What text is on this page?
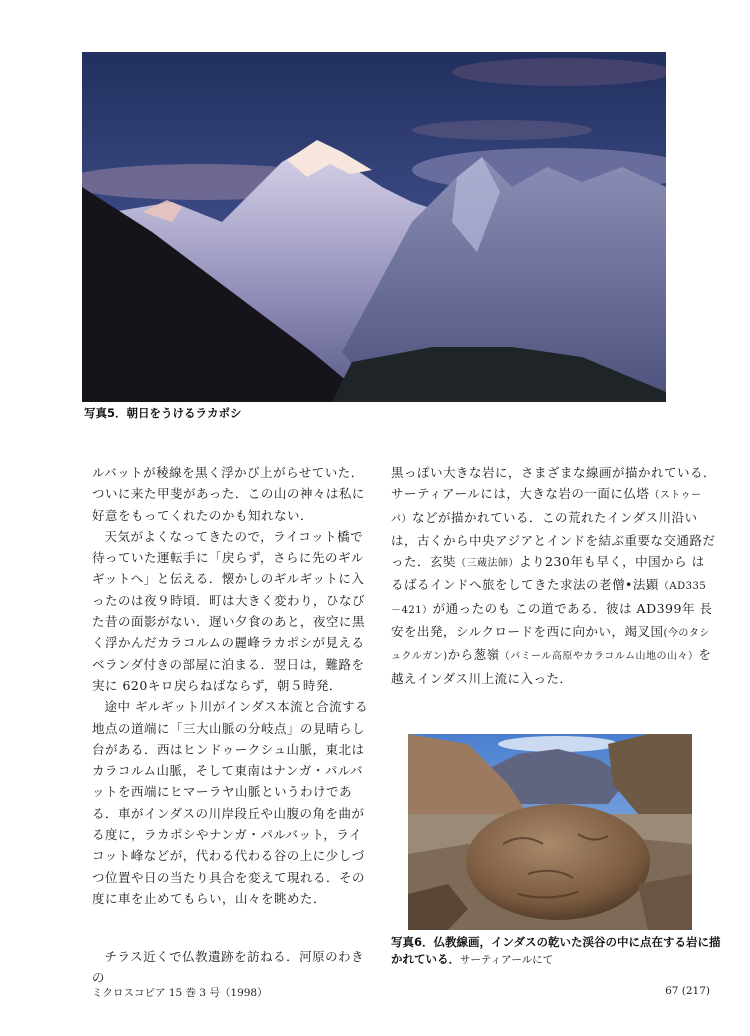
写真5．朝日をうけるラカポシ

ルバットが稜線を黒く浮かび上がらせていた．ついに来た甲斐があった．この山の神々は私に好意をもってくれたのかも知れない．

天気がよくなってきたので，ライコット橋で待っていた運転手に「戻らず，さらに先のギルギットへ」と伝える．懐かしのギルギットに入ったのは夜９時頃．町は大きく変わり，ひなびた昔の面影がない．遅い夕食のあと，夜空に黒く浮かんだカラコルムの麗峰ラカポシが見えるベランダ付きの部屋に泊まる．翌日は，難路を実に 620キロ戻らねばならず，朝５時発．

途中 ギルギット川がインダス本流と合流する地点の道端に「三大山脈の分岐点」の見晴らし台がある．西はヒンドゥークシュ山脈，東北はカラコルム山脈，そして東南はナンガ・パルバットを西端にヒマーラヤ山脈というわけである．車がインダスの川岸段丘や山腹の角を曲がる度に，ラカポシやナンガ・パルバット，ライコット峰などが，代わる代わる谷の上に少しづつ位置や日の当たり具合を変えて現れる．その度に車を止めてもらい，山々を眺めた．

チラス近くで仏教遺跡を訪ねる．河原のわきの

黒っぽい大きな岩に，さまざまな線画が描かれている．サーティアールには，大きな岩の一面に仏塔（ストゥーパ）などが描かれている．この荒れたインダス川沿いは，古くから中央アジアとインドを結ぶ重要な交通路だった．玄奘（三蔵法師）より230年も早く，中国から はるばるインドへ旅をしてきた求法の老僧•法顕（AD335－421）が通ったのも この道である．彼は AD399年 長安を出発，シルクロードを西に向かい，竭叉国(今のタシュクルガン)から葱嶺（パミール高原やカラコルム山地の山々）を越えインダス川上流に入った．

写真6．仏教線画，インダスの乾いた渓谷の中に点在する岩に描かれている．サーティアールにて
ミクロスコピア 15 巻 3 号（1998）	67 (217)
